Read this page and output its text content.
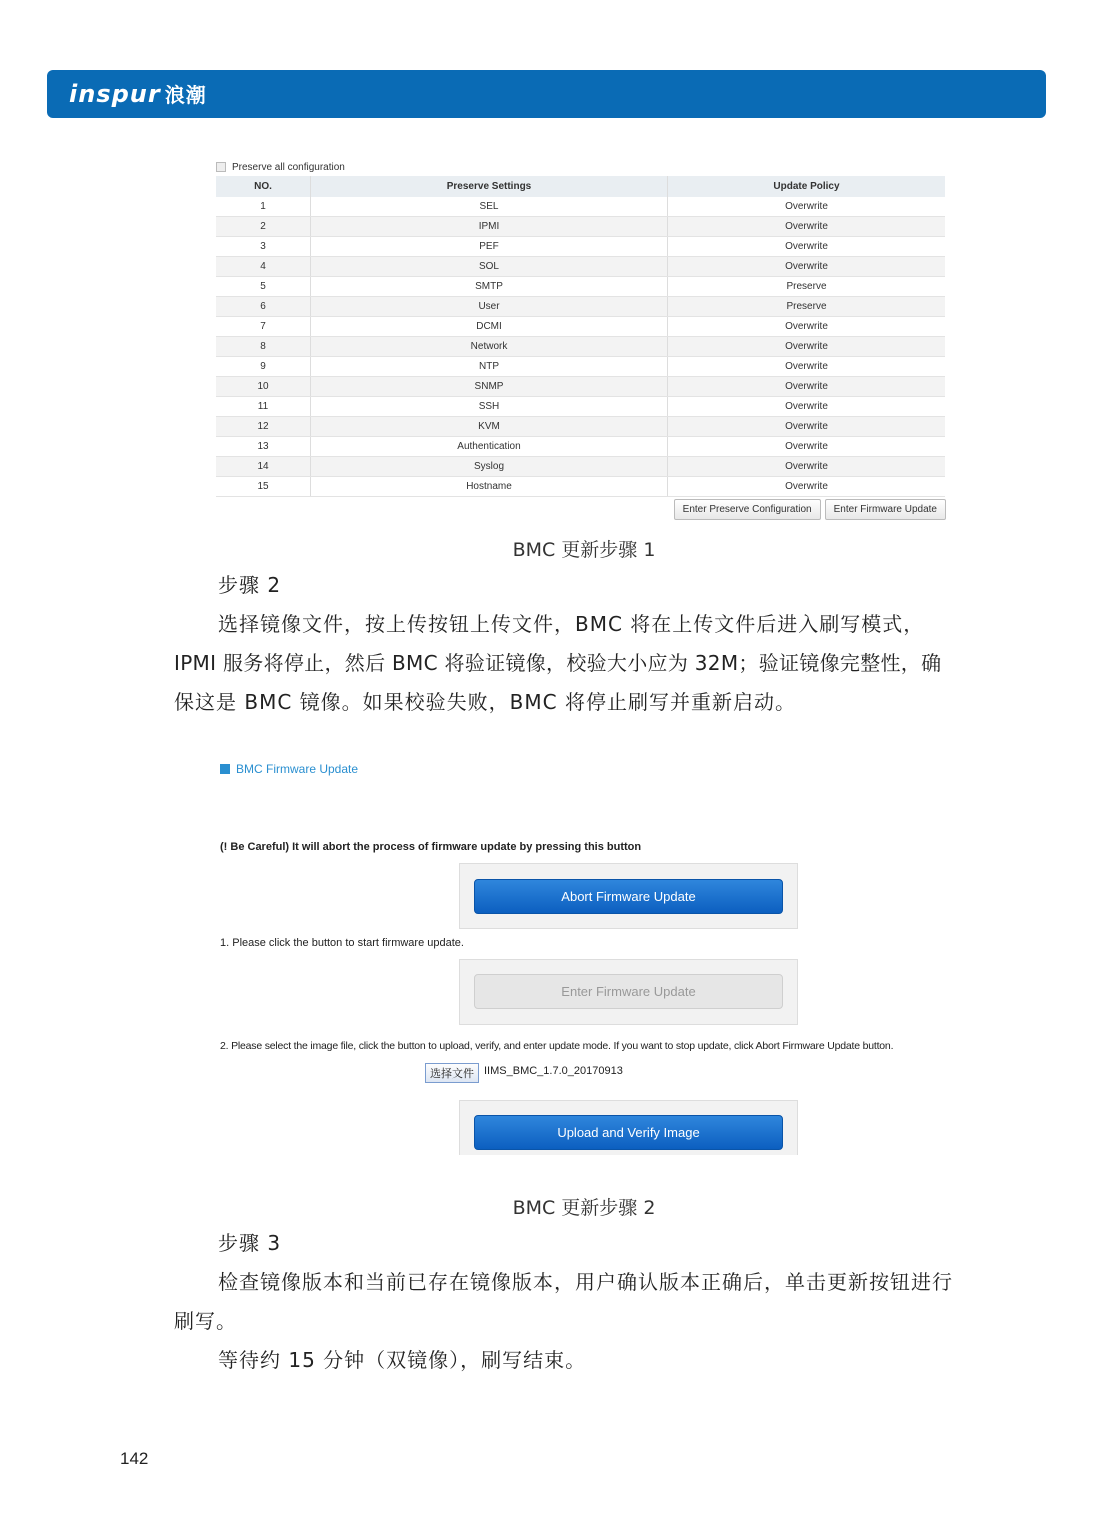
inspur 浪潮
Preserve all configuration
NO.	Preserve Settings	Update Policy
1	SEL	Overwrite
2	IPMI	Overwrite
3	PEF	Overwrite
4	SOL	Overwrite
5	SMTP	Preserve
6	User	Preserve
7	DCMI	Overwrite
8	Network	Overwrite
9	NTP	Overwrite
10	SNMP	Overwrite
11	SSH	Overwrite
12	KVM	Overwrite
13	Authentication	Overwrite
14	Syslog	Overwrite
15	Hostname	Overwrite
Enter Preserve Configuration	Enter Firmware Update
BMC 更新步骤 1
步骤 2
选择镜像文件，按上传按钮上传文件，BMC 将在上传文件后进入刷写模式，
IPMI 服务将停止，然后 BMC 将验证镜像，校验大小应为 32M；验证镜像完整性，确
保这是 BMC 镜像。如果校验失败，BMC 将停止刷写并重新启动。
BMC Firmware Update
(! Be Careful) It will abort the process of firmware update by pressing this button
Abort Firmware Update
1. Please click the button to start firmware update.
Enter Firmware Update
2. Please select the image file, click the button to upload, verify, and enter update mode. If you want to stop update, click Abort Firmware Update button.
选择文件 IIMS_BMC_1.7.0_20170913
Upload and Verify Image
BMC 更新步骤 2
步骤 3
检查镜像版本和当前已存在镜像版本，用户确认版本正确后，单击更新按钮进行
刷写。
等待约 15 分钟（双镜像），刷写结束。
142
